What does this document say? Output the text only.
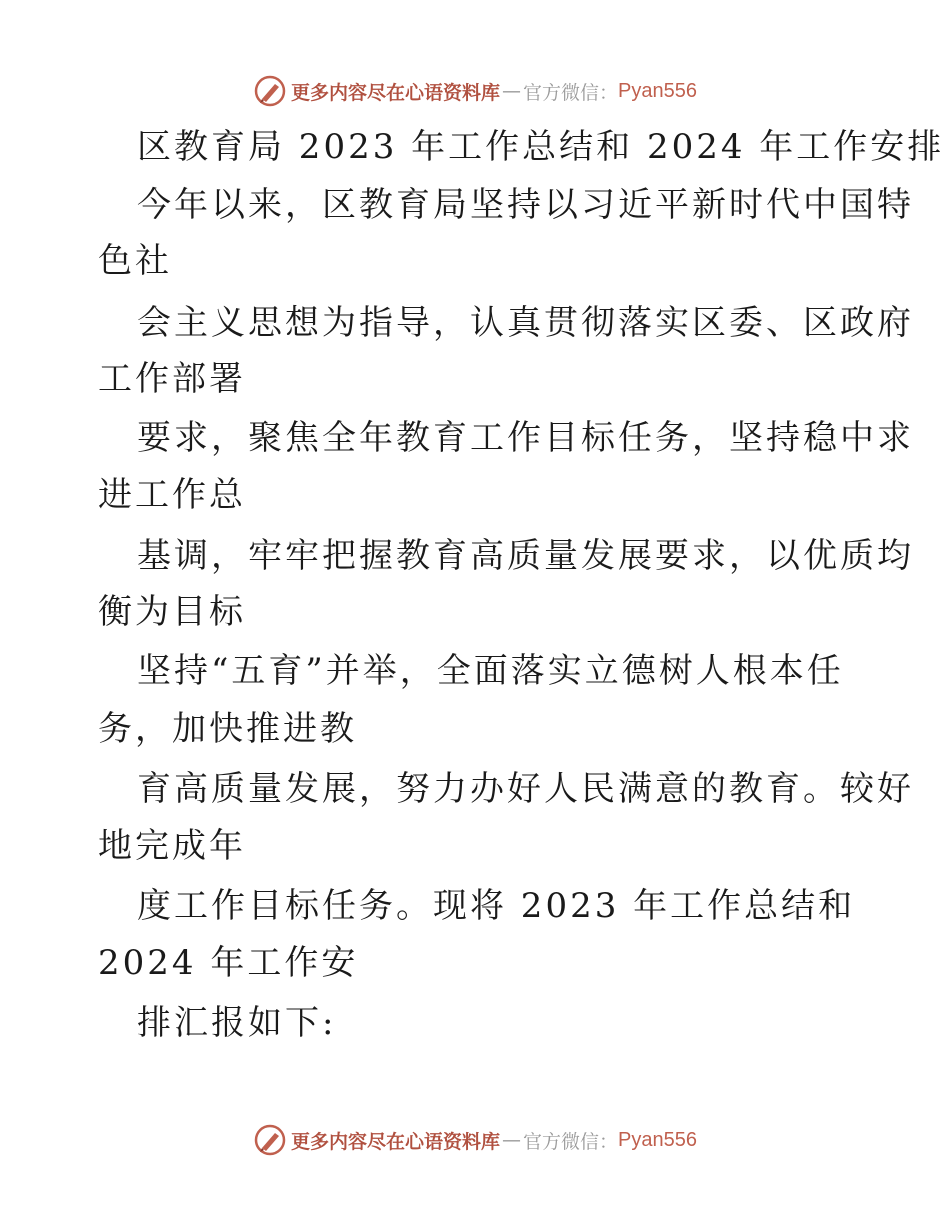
更多内容尽在心语资料库 — 官方微信： Pyan556
区教育局 2023 年工作总结和 2024 年工作安排
今年以来，区教育局坚持以习近平新时代中国特
色社
会主义思想为指导，认真贯彻落实区委、区政府
工作部署
要求，聚焦全年教育工作目标任务，坚持稳中求
进工作总
基调，牢牢把握教育高质量发展要求，以优质均
衡为目标
坚持“五育”并举，全面落实立德树人根本任
务，加快推进教
育高质量发展，努力办好人民满意的教育。较好
地完成年
度工作目标任务。现将 2023 年工作总结和
2024 年工作安
排汇报如下:
更多内容尽在心语资料库 — 官方微信： Pyan556
